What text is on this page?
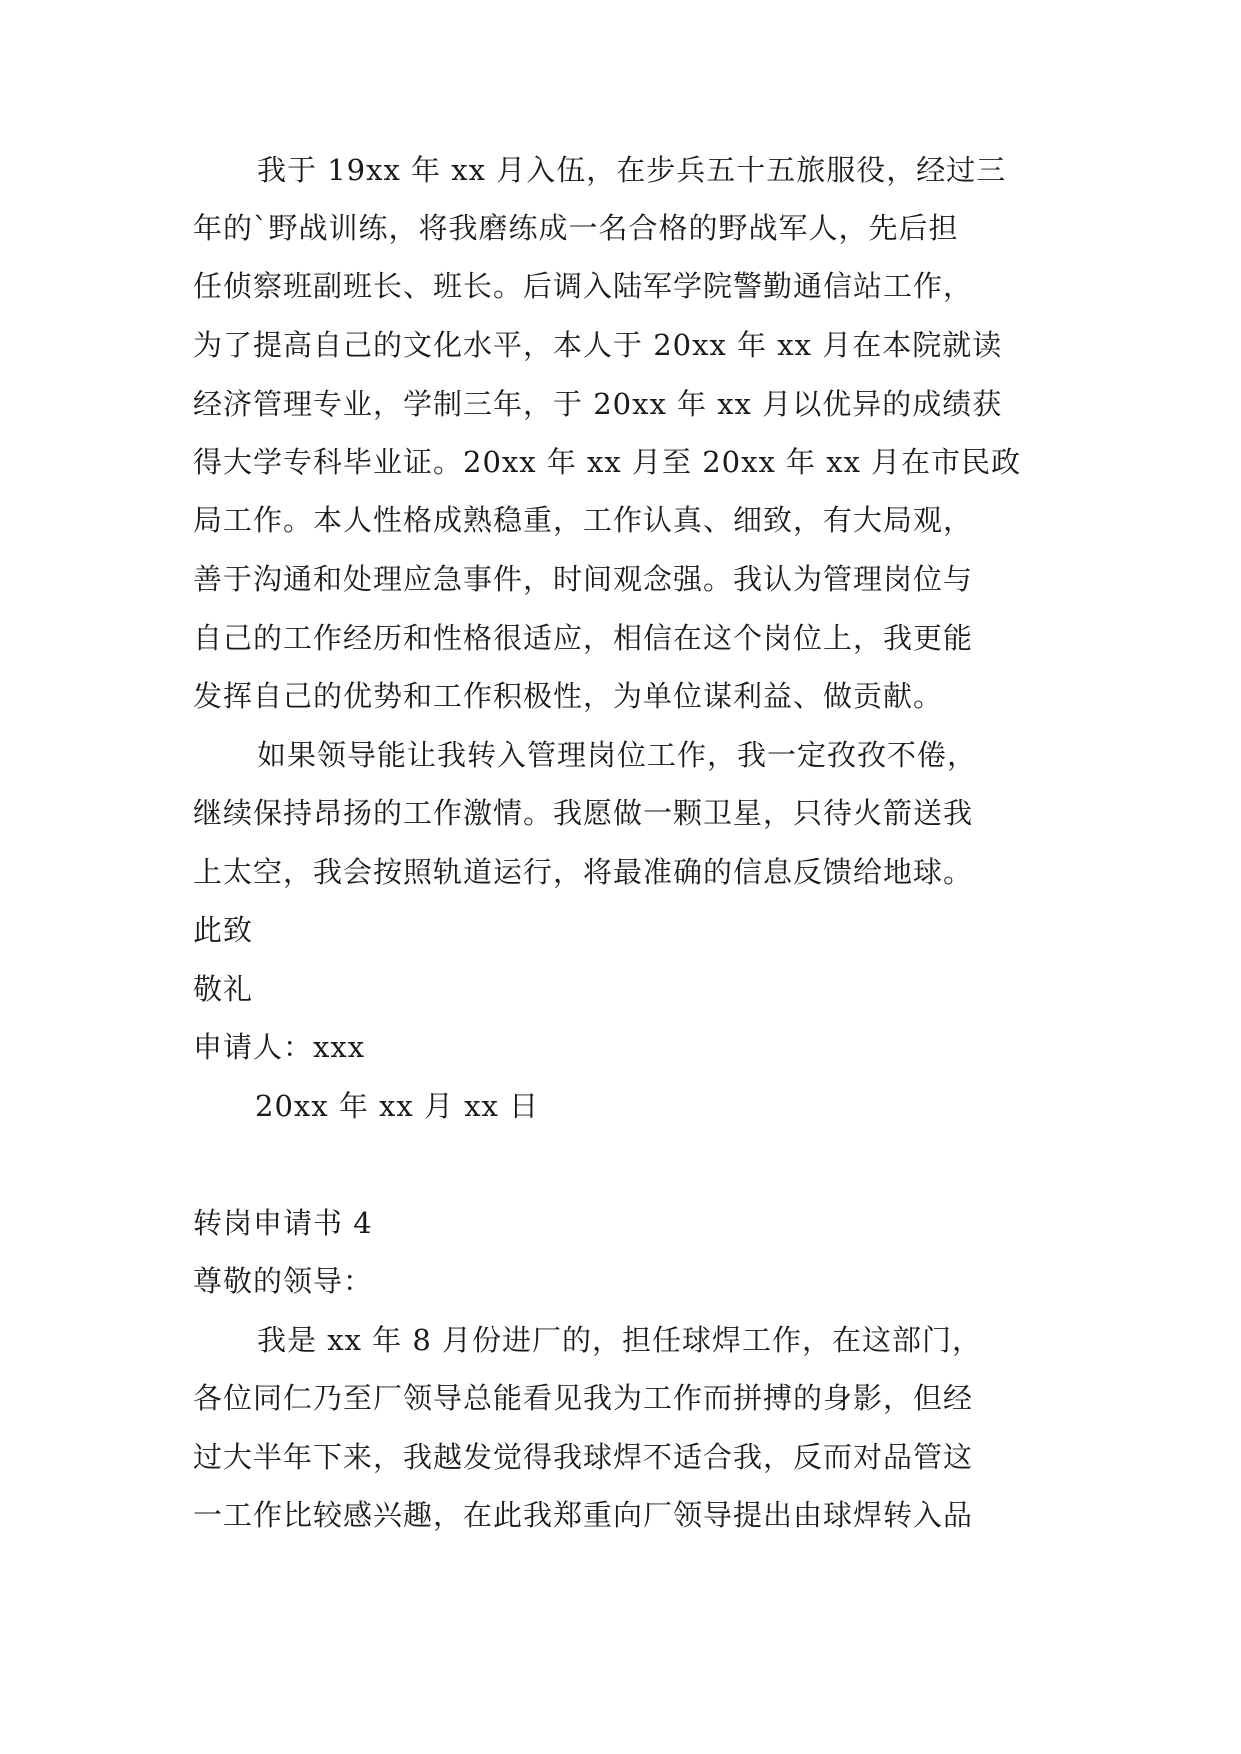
我于 19xx 年 xx 月入伍，在步兵五十五旅服役，经过三
年的`野战训练，将我磨练成一名合格的野战军人，先后担
任侦察班副班长、班长。后调入陆军学院警勤通信站工作，
为了提高自己的文化水平，本人于 20xx 年 xx 月在本院就读
经济管理专业，学制三年，于 20xx 年 xx 月以优异的成绩获
得大学专科毕业证。20xx 年 xx 月至 20xx 年 xx 月在市民政
局工作。本人性格成熟稳重，工作认真、细致，有大局观，
善于沟通和处理应急事件，时间观念强。我认为管理岗位与
自己的工作经历和性格很适应，相信在这个岗位上，我更能
发挥自己的优势和工作积极性，为单位谋利益、做贡献。
如果领导能让我转入管理岗位工作，我一定孜孜不倦，
继续保持昂扬的工作激情。我愿做一颗卫星，只待火箭送我
上太空，我会按照轨道运行，将最准确的信息反馈给地球。
此致
敬礼
申请人：xxx
20xx 年 xx 月 xx 日
转岗申请书 4
尊敬的领导：
我是 xx 年 8 月份进厂的，担任球焊工作，在这部门，
各位同仁乃至厂领导总能看见我为工作而拼搏的身影，但经
过大半年下来，我越发觉得我球焊不适合我，反而对品管这
一工作比较感兴趣，在此我郑重向厂领导提出由球焊转入品
